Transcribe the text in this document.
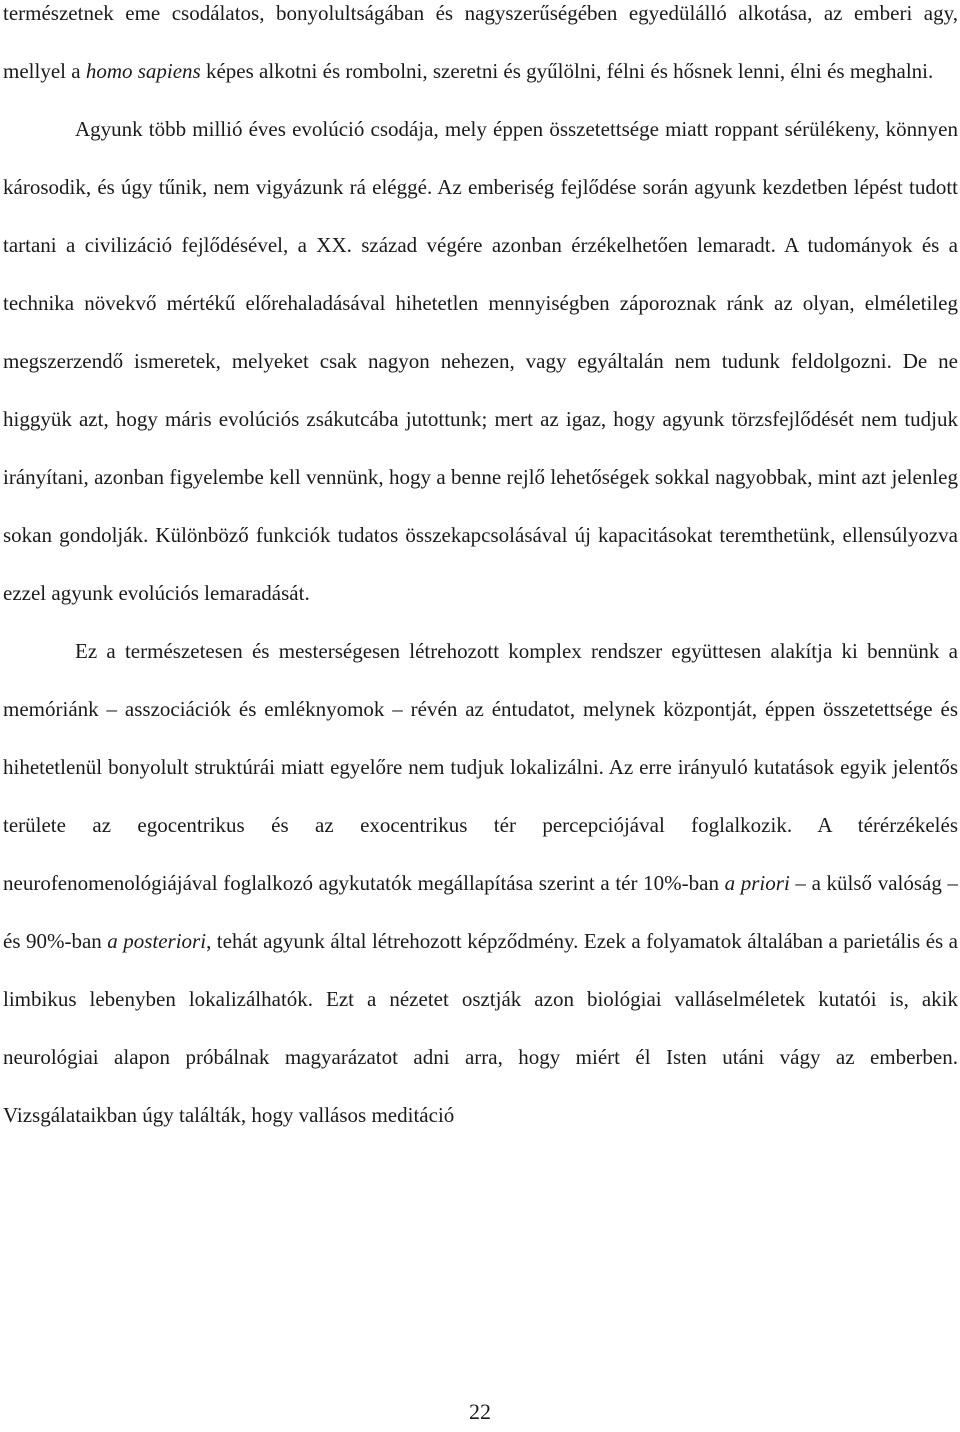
természetnek eme csodálatos, bonyolultságában és nagyszerűségében egyedülálló alkotása, az emberi agy, mellyel a homo sapiens képes alkotni és rombolni, szeretni és gyűlölni, félni és hősnek lenni, élni és meghalni.

Agyunk több millió éves evolúció csodája, mely éppen összetettsége miatt roppant sérülékeny, könnyen károsodik, és úgy tűnik, nem vigyázunk rá eléggé. Az emberiség fejlődése során agyunk kezdetben lépést tudott tartani a civilizáció fejlődésével, a XX. század végére azonban érzékelhetően lemaradt. A tudományok és a technika növekvő mértékű előrehaladásával hihetetlen mennyiségben záporoznak ránk az olyan, elméletileg megszerzendő ismeretek, melyeket csak nagyon nehezen, vagy egyáltalán nem tudunk feldolgozni. De ne higgyük azt, hogy máris evolúciós zsákutcába jutottunk; mert az igaz, hogy agyunk törzsfejlődését nem tudjuk irányítani, azonban figyelembe kell vennünk, hogy a benne rejlő lehetőségek sokkal nagyobbak, mint azt jelenleg sokan gondolják. Különböző funkciók tudatos összekapcsolásával új kapacitásokat teremthetünk, ellensúlyozva ezzel agyunk evolúciós lemaradását.

Ez a természetesen és mesterségesen létrehozott komplex rendszer együttesen alakítja ki bennünk a memóriánk – asszociációk és emléknyomok – révén az éntudatot, melynek központját, éppen összetettsége és hihetetlenül bonyolult struktúrái miatt egyelőre nem tudjuk lokalizálni. Az erre irányuló kutatások egyik jelentős területe az egocentrikus és az exocentrikus tér percepciójával foglalkozik. A térérzékelés neurofenomenológiájával foglalkozó agykutatók megállapítása szerint a tér 10%-ban a priori – a külső valóság – és 90%-ban a posteriori, tehát agyunk által létrehozott képződmény. Ezek a folyamatok általában a parietális és a limbikus lebenyben lokalizálhatók. Ezt a nézetet osztják azon biológiai valláselméletek kutatói is, akik neurológiai alapon próbálnak magyarázatot adni arra, hogy miért él Isten utáni vágy az emberben. Vizsgálataikban úgy találták, hogy vallásos meditáció

22
